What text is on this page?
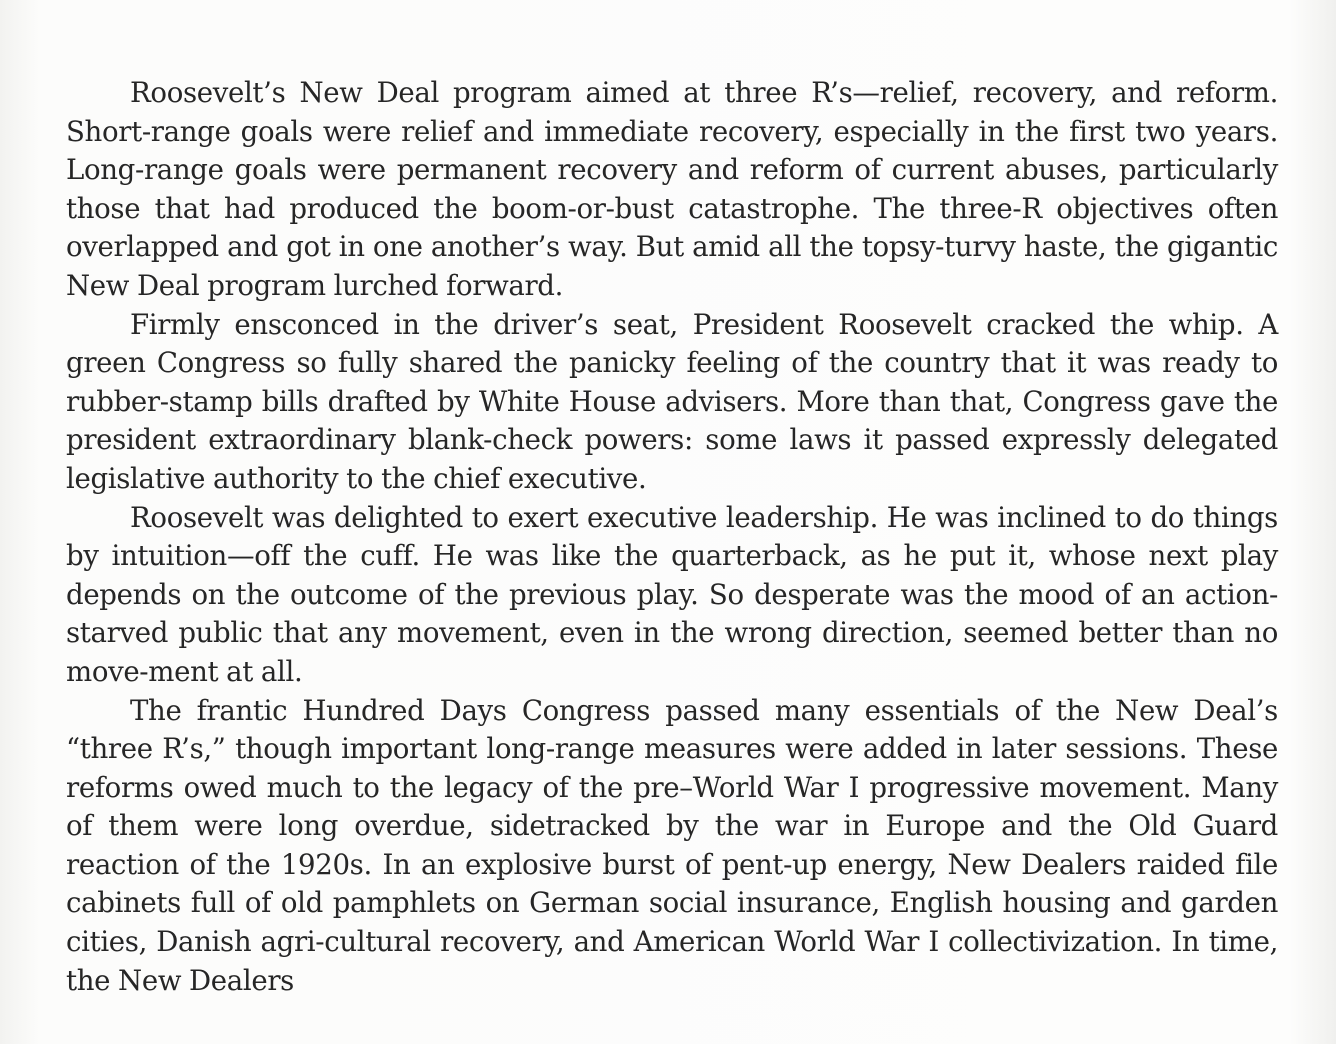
Roosevelt’s New Deal program aimed at three R’s—relief, recovery, and reform. Short-range goals were relief and immediate recovery, especially in the first two years. Long-range goals were permanent recovery and reform of current abuses, particularly those that had produced the boom-or-bust catastrophe. The three-R objectives often overlapped and got in one another’s way. But amid all the topsy-turvy haste, the gigantic New Deal program lurched forward.

Firmly ensconced in the driver’s seat, President Roosevelt cracked the whip. A green Congress so fully shared the panicky feeling of the country that it was ready to rubber-stamp bills drafted by White House advisers. More than that, Congress gave the president extraordinary blank-check powers: some laws it passed expressly delegated legislative authority to the chief executive.

Roosevelt was delighted to exert executive leadership. He was inclined to do things by intuition—off the cuff. He was like the quarterback, as he put it, whose next play depends on the outcome of the previous play. So desperate was the mood of an action-starved public that any movement, even in the wrong direction, seemed better than no move-ment at all.

The frantic Hundred Days Congress passed many essentials of the New Deal’s “three R’s,” though important long-range measures were added in later sessions. These reforms owed much to the legacy of the pre–World War I progressive movement. Many of them were long overdue, sidetracked by the war in Europe and the Old Guard reaction of the 1920s. In an explosive burst of pent-up energy, New Dealers raided file cabinets full of old pamphlets on German social insurance, English housing and garden cities, Danish agri-cultural recovery, and American World War I collectivization. In time, the New Dealers
